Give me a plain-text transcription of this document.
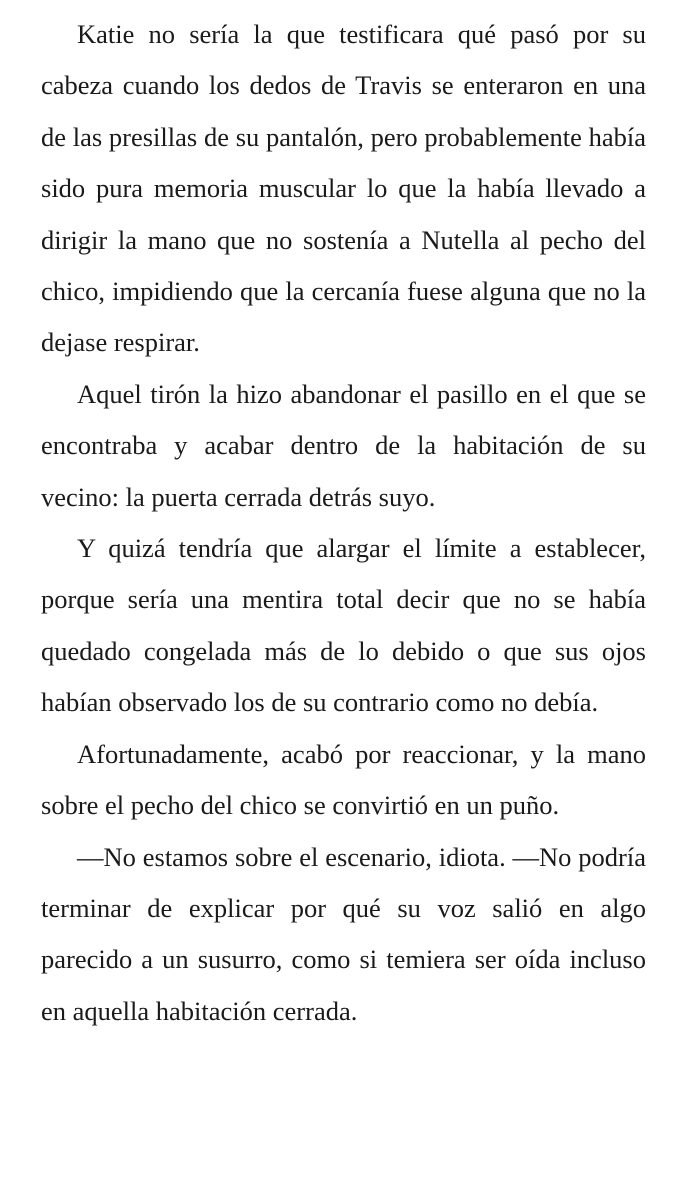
Katie no sería la que testificara qué pasó por su cabeza cuando los dedos de Travis se enteraron en una de las presillas de su pantalón, pero probablemente había sido pura memoria muscular lo que la había llevado a dirigir la mano que no sostenía a Nutella al pecho del chico, impidiendo que la cercanía fuese alguna que no la dejase respirar.

Aquel tirón la hizo abandonar el pasillo en el que se encontraba y acabar dentro de la habitación de su vecino: la puerta cerrada detrás suyo.

Y quizá tendría que alargar el límite a establecer, porque sería una mentira total decir que no se había quedado congelada más de lo debido o que sus ojos habían observado los de su contrario como no debía.

Afortunadamente, acabó por reaccionar, y la mano sobre el pecho del chico se convirtió en un puño.

—No estamos sobre el escenario, idiota. —No podría terminar de explicar por qué su voz salió en algo parecido a un susurro, como si temiera ser oída incluso en aquella habitación cerrada.
